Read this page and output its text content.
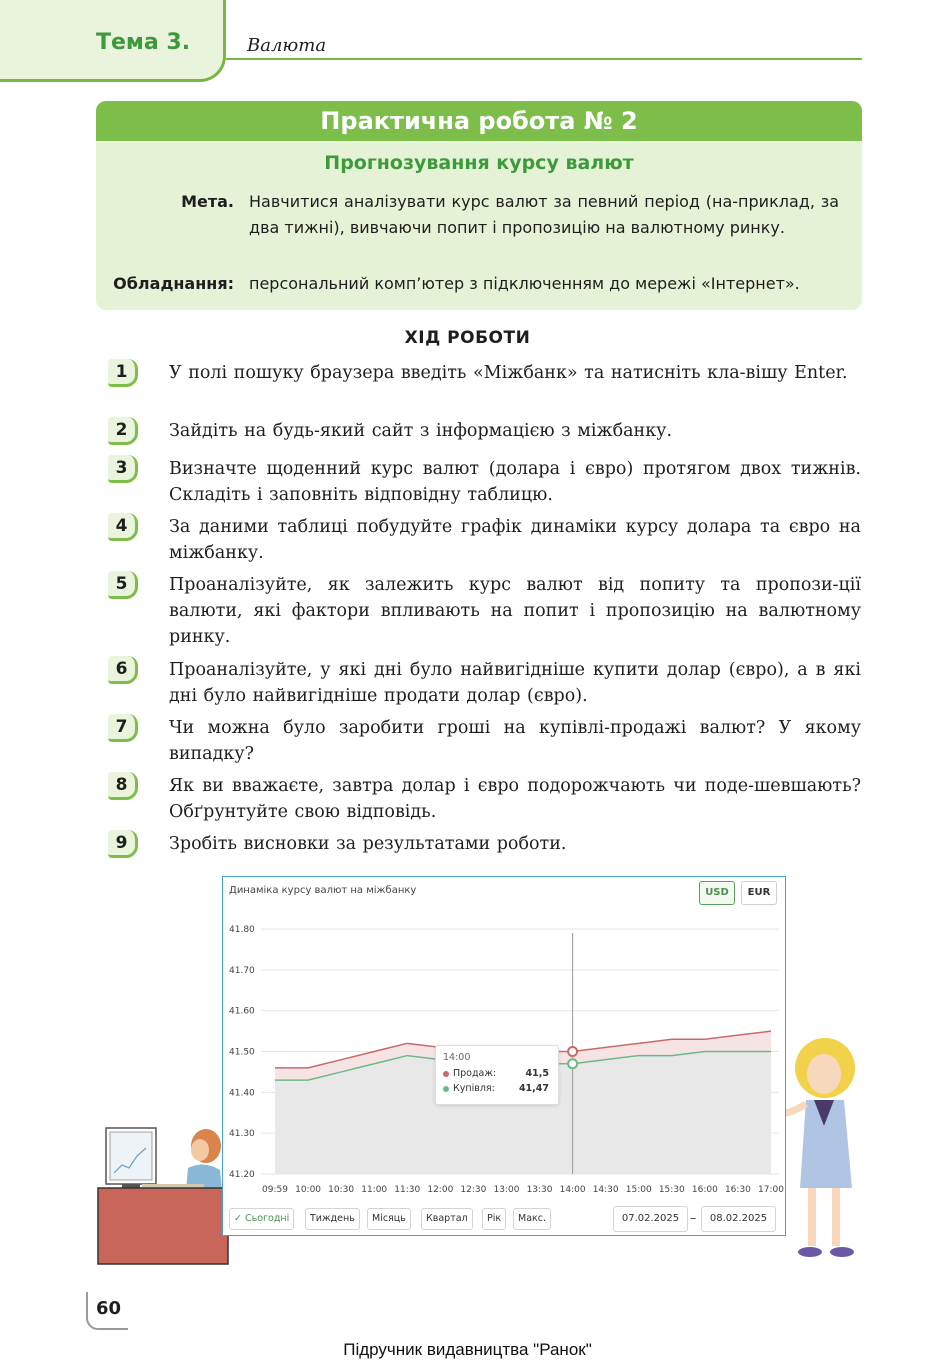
Тема 3.	Валюта
Практична робота № 2
Прогнозування курсу валют
Мета. Навчитися аналізувати курс валют за певний період (на-приклад, за два тижні), вивчаючи попит і пропозицію на валютному ринку.
Обладнання: персональний комп’ютер з підключенням до мережі «Інтернет».
ХІД РОБОТИ
1	У полі пошуку браузера введіть «Міжбанк» та натисніть кла-вішу Enter.
2	Зайдіть на будь-який сайт з інформацією з міжбанку.
3	Визначте щоденний курс валют (долара і євро) протягом двох тижнів. Складіть і заповніть відповідну таблицю.
4	За даними таблиці побудуйте графік динаміки курсу долара та євро на міжбанку.
5	Проаналізуйте, як залежить курс валют від попиту та пропози-ції валюти, які фактори впливають на попит і пропозицію на валютному ринку.
6	Проаналізуйте, у які дні було найвигідніше купити долар (євро), а в які дні було найвигідніше продати долар (євро).
7	Чи можна було заробити гроші на купівлі-продажі валют? У якому випадку?
8	Як ви вважаєте, завтра долар і євро подорожчають чи поде-шевшають? Обґрунтуйте свою відповідь.
9	Зробіть висновки за результатами роботи.
41.80
41.70
41.60
41.50
41.40
41.30
41.20
09:59 10:00 10:30 11:00 11:30 12:00 12:30 13:00 13:30 14:00 14:30 15:00 15:30 16:00 16:30 17:00
Динаміка курсу валют на міжбанку	USD	EUR
14:00
Продаж:	41,5
Купівля:	41,47
✓ Сьогодні	Тиждень	Місяць	Квартал	Рік	Макс.	07.02.2025 –	08.02.2025
60
Підручник видавництва "Ранок"
